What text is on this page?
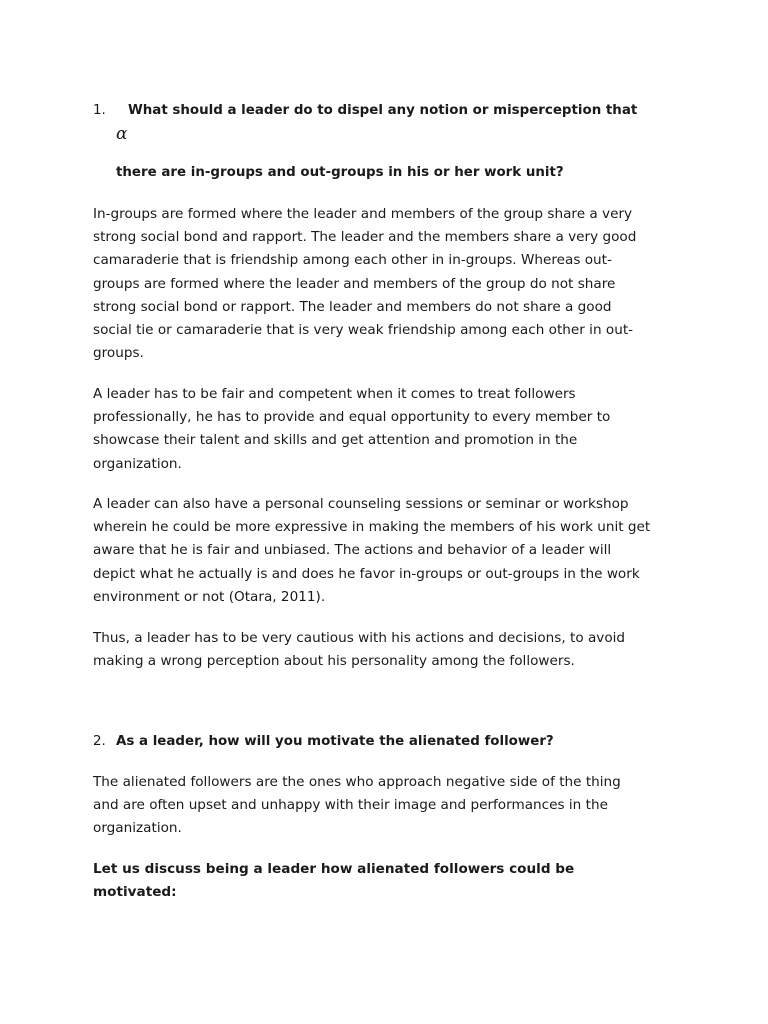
1. What should a leader do to dispel any notion or misperception that
α
there are in-groups and out-groups in his or her work unit?

In-groups are formed where the leader and members of the group share a very
strong social bond and rapport. The leader and the members share a very good
camaraderie that is friendship among each other in in-groups. Whereas out-
groups are formed where the leader and members of the group do not share
strong social bond or rapport. The leader and members do not share a good
social tie or camaraderie that is very weak friendship among each other in out-
groups.

A leader has to be fair and competent when it comes to treat followers
professionally, he has to provide and equal opportunity to every member to
showcase their talent and skills and get attention and promotion in the
organization.

A leader can also have a personal counseling sessions or seminar or workshop
wherein he could be more expressive in making the members of his work unit get
aware that he is fair and unbiased. The actions and behavior of a leader will
depict what he actually is and does he favor in-groups or out-groups in the work
environment or not (Otara, 2011).

Thus, a leader has to be very cautious with his actions and decisions, to avoid
making a wrong perception about his personality among the followers.

2. As a leader, how will you motivate the alienated follower?

The alienated followers are the ones who approach negative side of the thing
and are often upset and unhappy with their image and performances in the
organization.

Let us discuss being a leader how alienated followers could be
motivated:
